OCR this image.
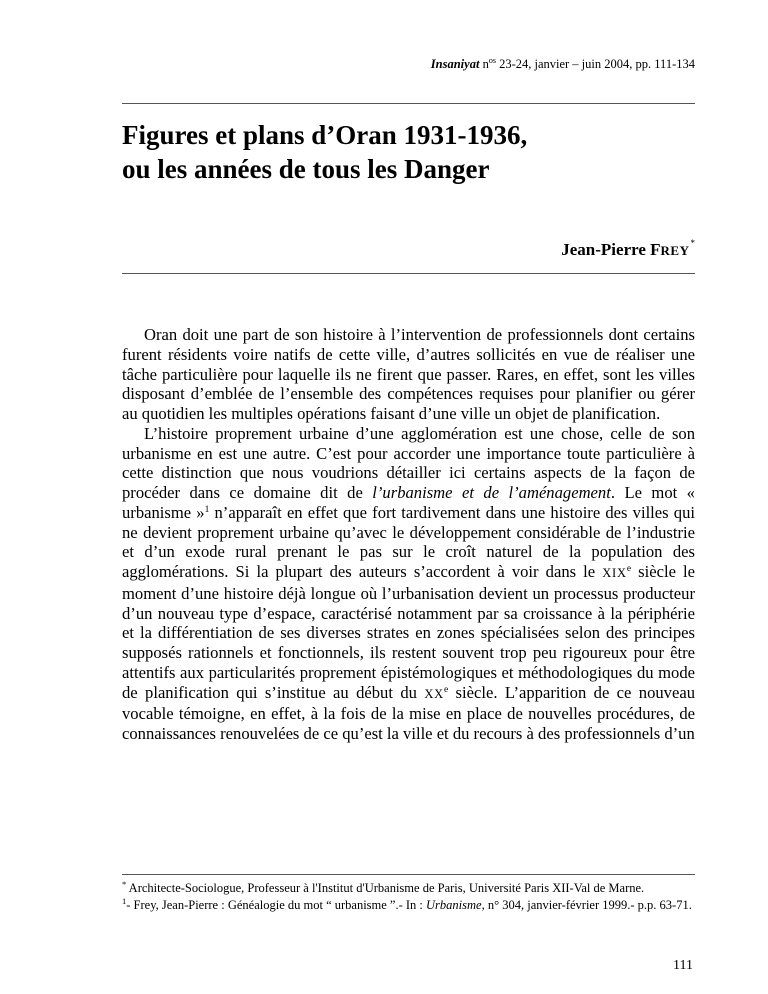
Insaniyat $n^{os}$ 23-24, janvier – juin 2004, pp. 111-134
Figures et plans d’Oran 1931-1936,
ou les années de tous les Danger
Jean-Pierre FREY*

Oran doit une part de son histoire à l’intervention de professionnels dont certains furent résidents voire natifs de cette ville, d’autres sollicités en vue de réaliser une tâche particulière pour laquelle ils ne firent que passer. Rares, en effet, sont les villes disposant d’emblée de l’ensemble des compétences requises pour planifier ou gérer au quotidien les multiples opérations faisant d’une ville un objet de planification.

L’histoire proprement urbaine d’une agglomération est une chose, celle de son urbanisme en est une autre. C’est pour accorder une importance toute particulière à cette distinction que nous voudrions détailler ici certains aspects de la façon de procéder dans ce domaine dit de l’urbanisme et de l’aménagement. Le mot « urbanisme »$^1$ n’apparaît en effet que fort tardivement dans une histoire des villes qui ne devient proprement urbaine qu’avec le développement considérable de l’industrie et d’un exode rural prenant le pas sur le croît naturel de la population des agglomérations. Si la plupart des auteurs s’accordent à voir dans le XIXe siècle le moment d’une histoire déjà longue où l’urbanisation devient un processus producteur d’un nouveau type d’espace, caractérisé notamment par sa croissance à la périphérie et la différentiation de ses diverses strates en zones spécialisées selon des principes supposés rationnels et fonctionnels, ils restent souvent trop peu rigoureux pour être attentifs aux particularités proprement épistémologiques et méthodologiques du mode de planification qui s’institue au début du XXe siècle. L’apparition de ce nouveau vocable témoigne, en effet, à la fois de la mise en place de nouvelles procédures, de connaissances renouvelées de ce qu’est la ville et du recours à des professionnels d’un

* Architecte-Sociologue, Professeur à l'Institut d'Urbanisme de Paris, Université Paris XII-Val de Marne.

$^1$- Frey, Jean-Pierre : Généalogie du mot “ urbanisme ”.- In : Urbanisme, n° 304, janvier-février 1999.- p.p. 63-71.

111
